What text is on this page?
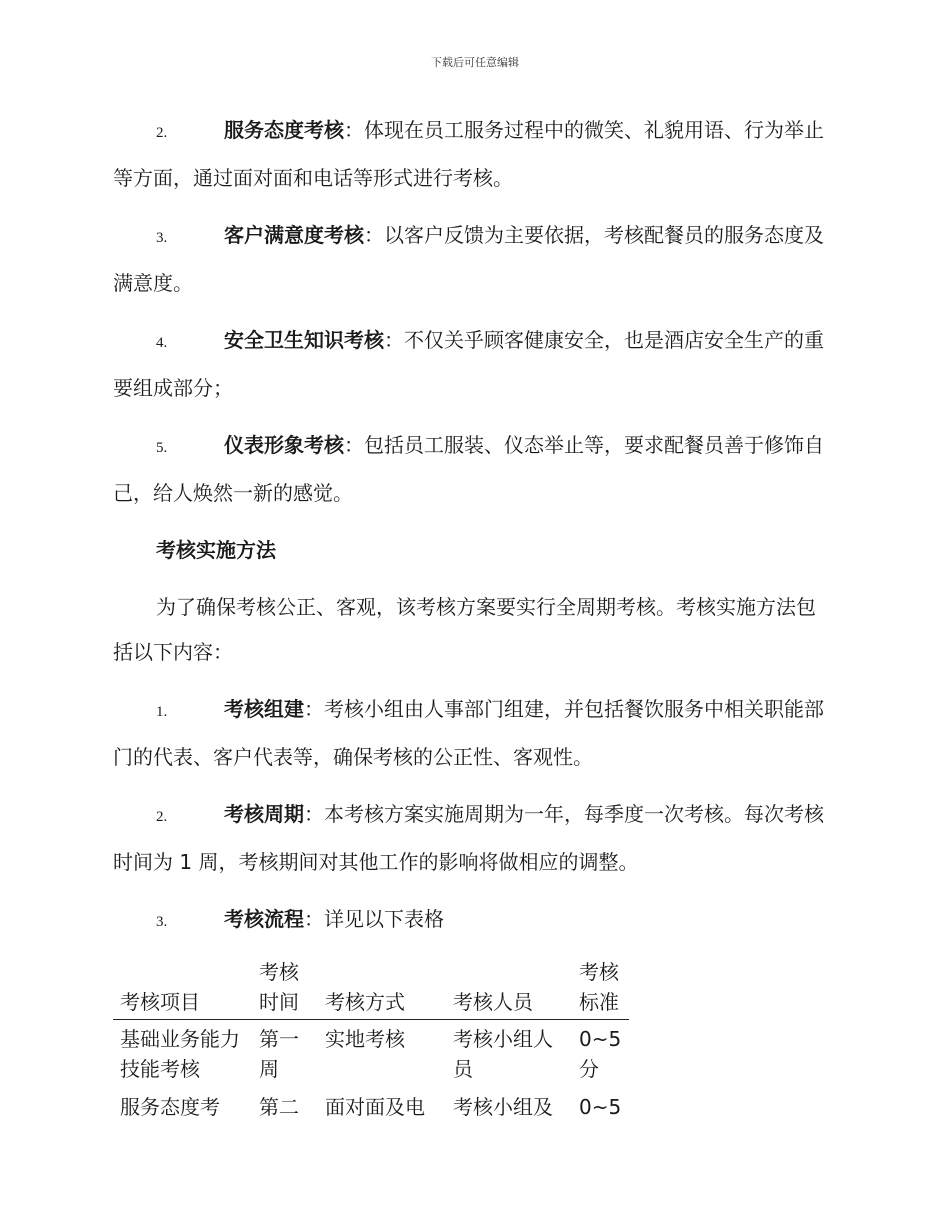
下载后可任意编辑

2.	服务态度考核：体现在员工服务过程中的微笑、礼貌用语、行为举止等方面，通过面对面和电话等形式进行考核。

3.	客户满意度考核：以客户反馈为主要依据，考核配餐员的服务态度及满意度。

4.	安全卫生知识考核：不仅关乎顾客健康安全，也是酒店安全生产的重要组成部分；

5.	仪表形象考核：包括员工服装、仪态举止等，要求配餐员善于修饰自己，给人焕然一新的感觉。

考核实施方法

为了确保考核公正、客观，该考核方案要实行全周期考核。考核实施方法包括以下内容：

1.	考核组建：考核小组由人事部门组建，并包括餐饮服务中相关职能部门的代表、客户代表等，确保考核的公正性、客观性。

2.	考核周期：本考核方案实施周期为一年，每季度一次考核。每次考核时间为 1 周，考核期间对其他工作的影响将做相应的调整。

3.	考核流程：详见以下表格

考核项目	考核时间	考核方式	考核人员	考核标准
基础业务能力技能考核	第一周	实地考核	考核小组人员	0~5 分
服务态度考	第二	面对面及电	考核小组及	0~5
